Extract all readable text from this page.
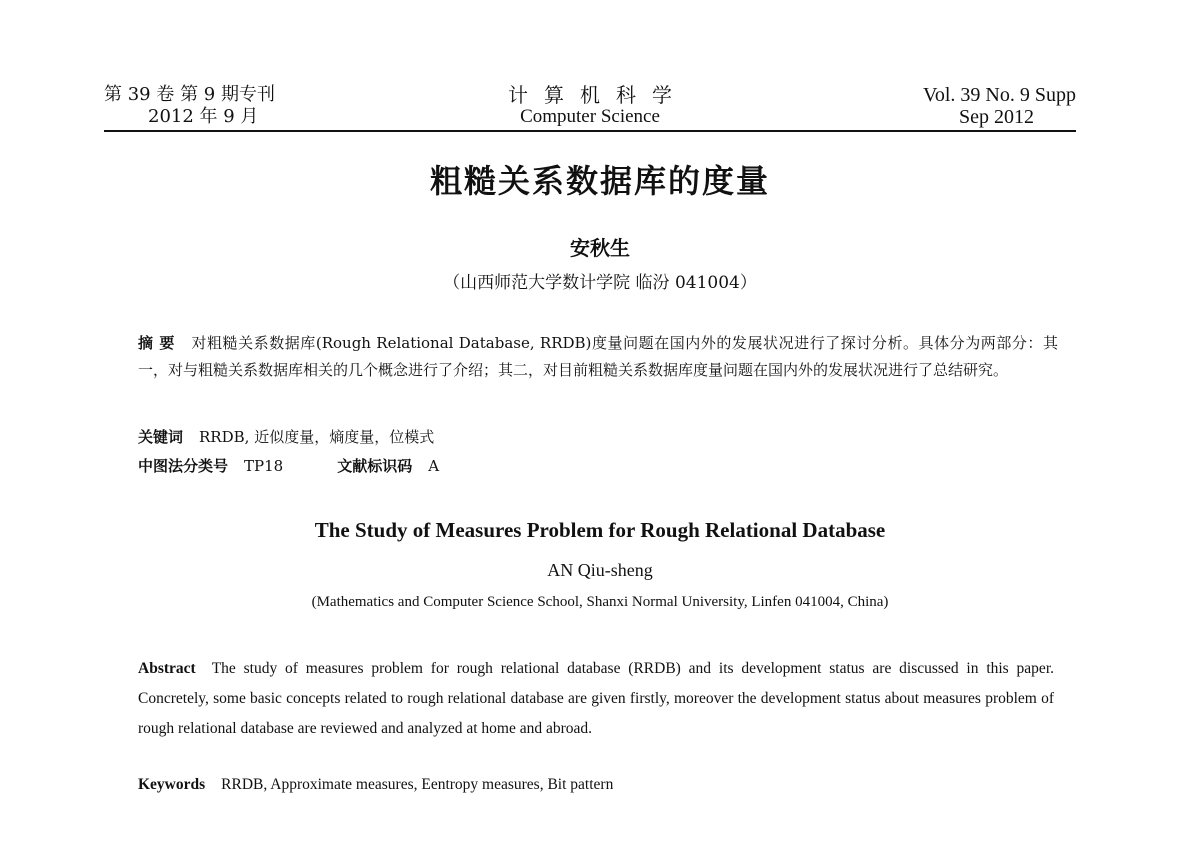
第 39 卷 第 9 期专刊
2012 年 9 月
计算机科学
Computer Science
Vol. 39 No. 9 Supp
Sep 2012
粗糙关系数据库的度量
安秋生
（山西师范大学数计学院 临汾 041004）
摘 要 对粗糙关系数据库(Rough Relational Database, RRDB)度量问题在国内外的发展状况进行了探讨分析。具体分为两部分：其一，对与粗糙关系数据库相关的几个概念进行了介绍；其二，对目前粗糙关系数据库度量问题在国内外的发展状况进行了总结研究。
关键词 RRDB, 近似度量，熵度量，位模式
中图法分类号 TP18	文献标识码 A
The Study of Measures Problem for Rough Relational Database
AN Qiu-sheng
(Mathematics and Computer Science School, Shanxi Normal University, Linfen 041004, China)
Abstract The study of measures problem for rough relational database (RRDB) and its development status are discussed in this paper. Concretely, some basic concepts related to rough relational database are given firstly, moreover the development status about measures problem of rough relational database are reviewed and analyzed at home and abroad.
Keywords RRDB, Approximate measures, Eentropy measures, Bit pattern
